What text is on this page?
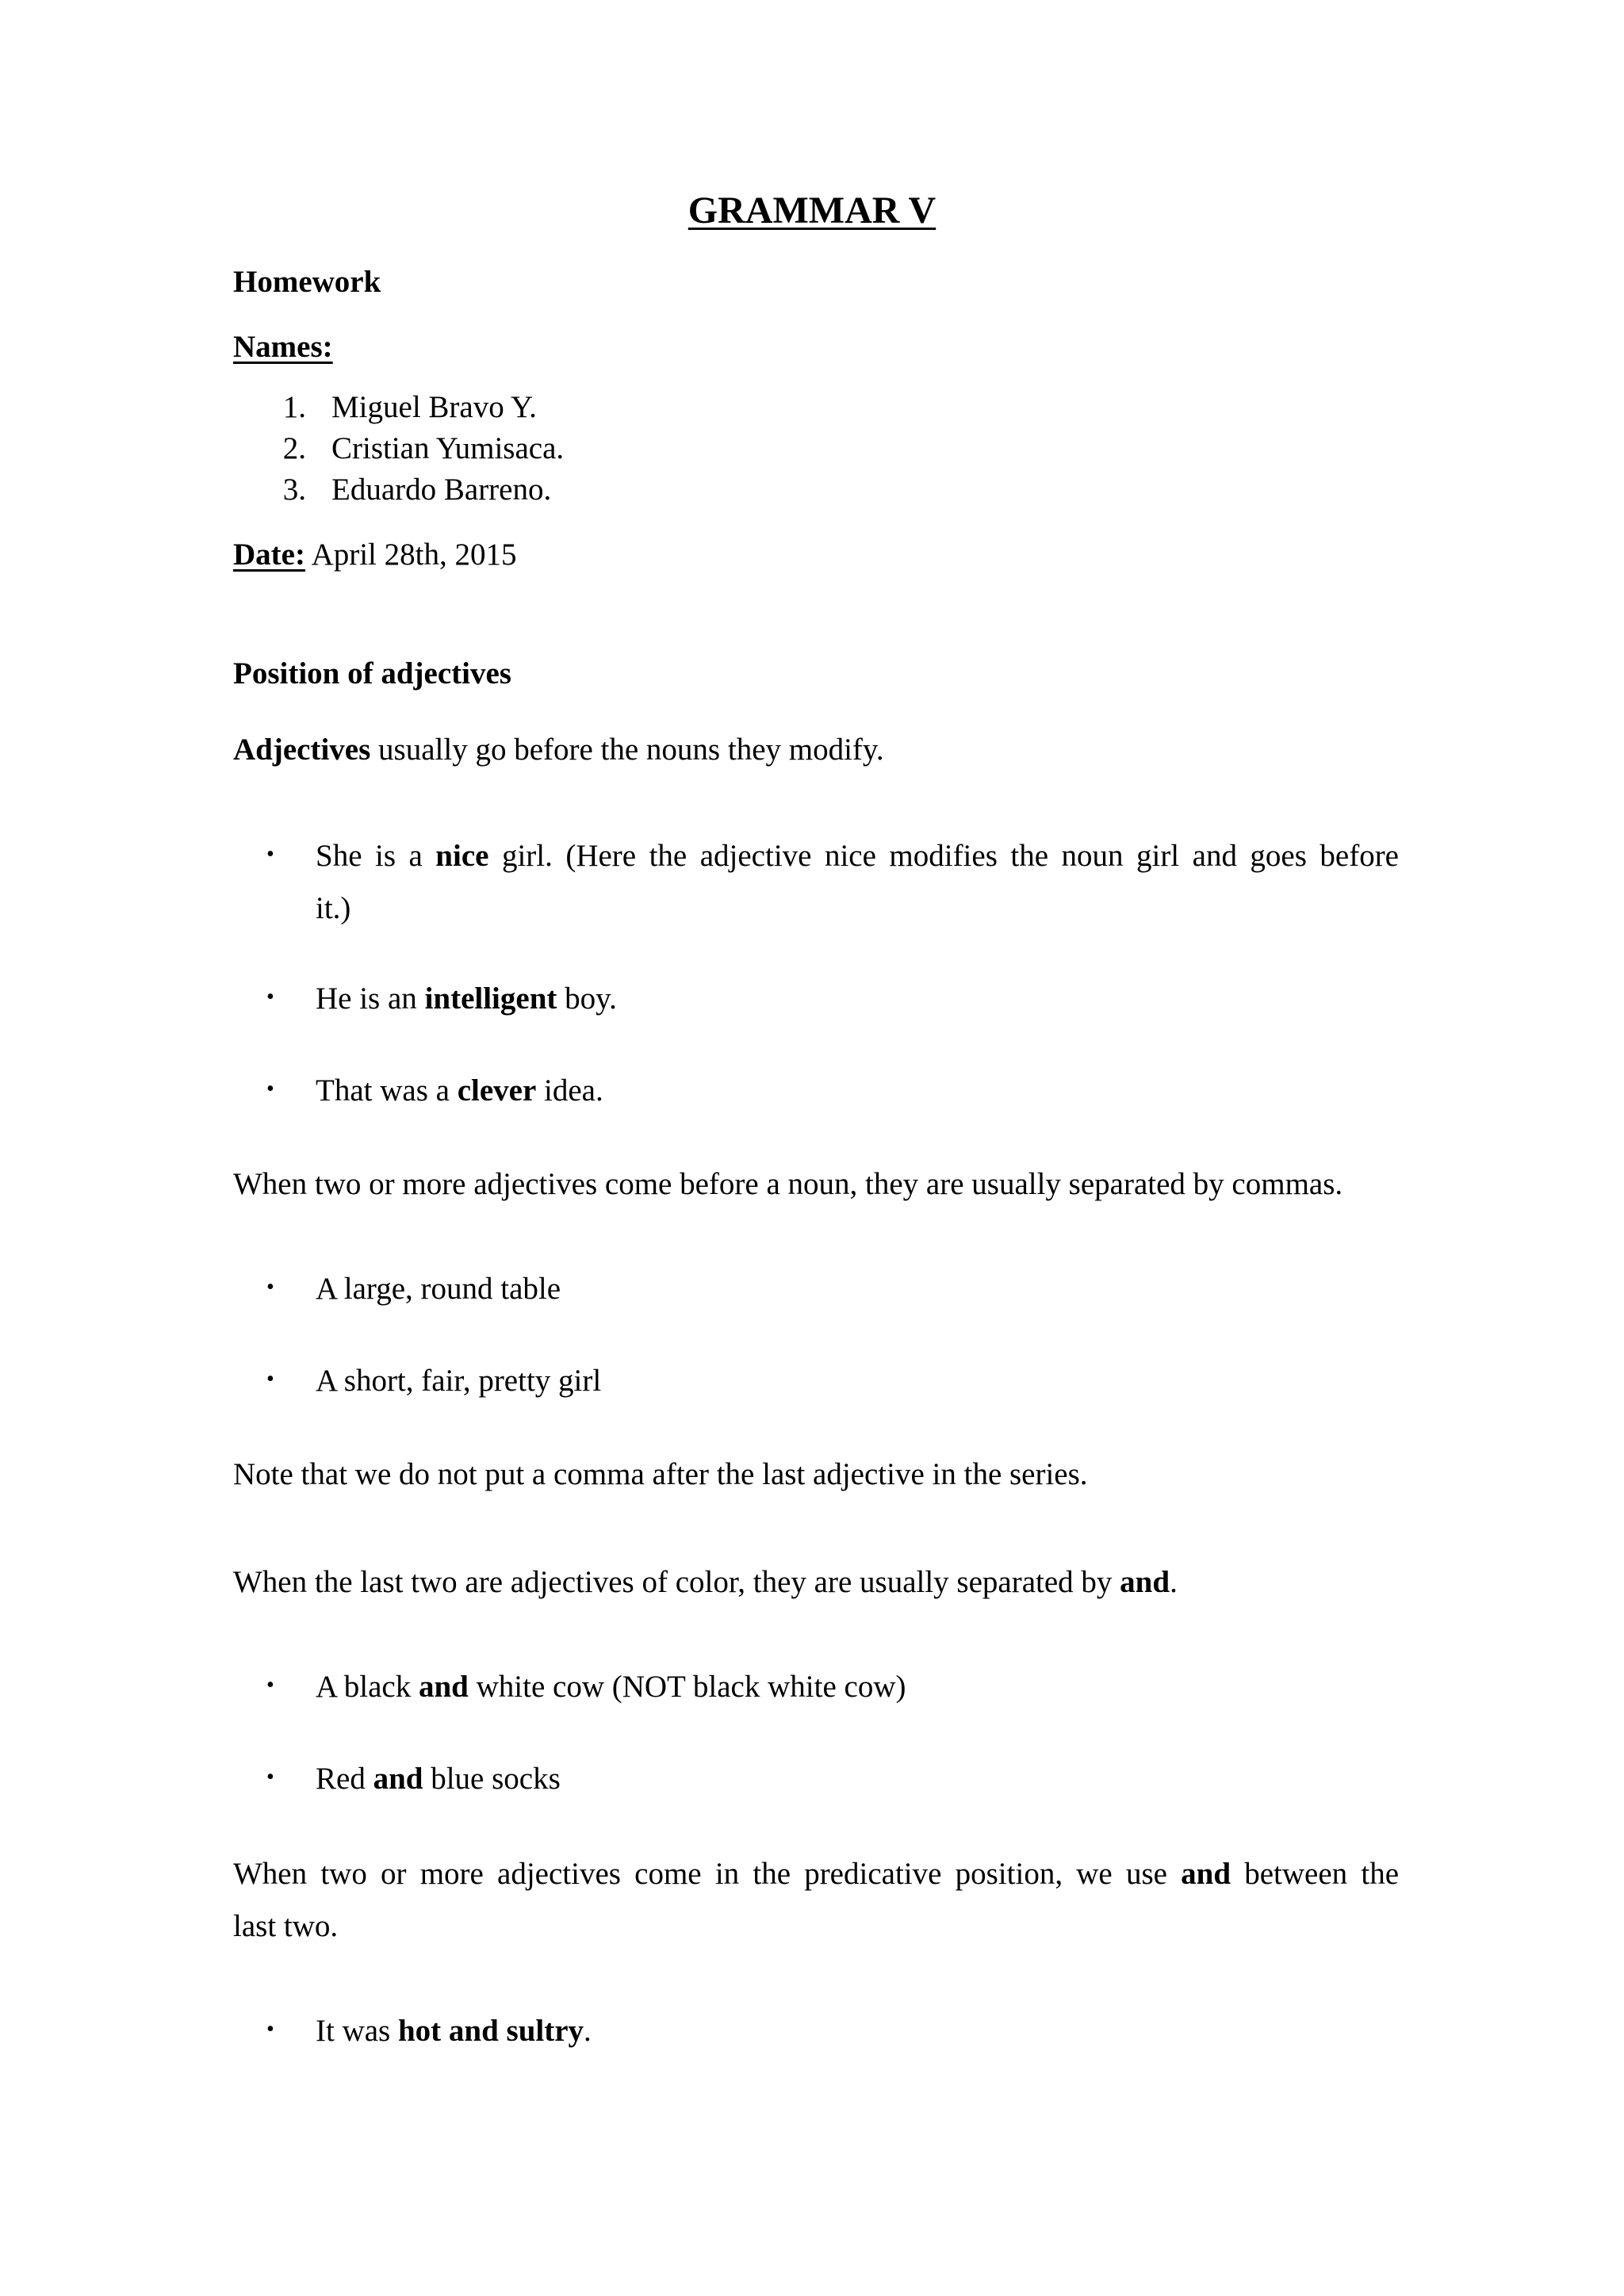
GRAMMAR V
Homework
Names:
1. Miguel Bravo Y.
2. Cristian Yumisaca.
3. Eduardo Barreno.
Date: April 28th, 2015
Position of adjectives
Adjectives usually go before the nouns they modify.
• She is a nice girl. (Here the adjective nice modifies the noun girl and goes before
it.)
• He is an intelligent boy.
• That was a clever idea.
When two or more adjectives come before a noun, they are usually separated by commas.
• A large, round table
• A short, fair, pretty girl
Note that we do not put a comma after the last adjective in the series.
When the last two are adjectives of color, they are usually separated by and.
• A black and white cow (NOT black white cow)
• Red and blue socks
When two or more adjectives come in the predicative position, we use and between the
last two.
• It was hot and sultry.
